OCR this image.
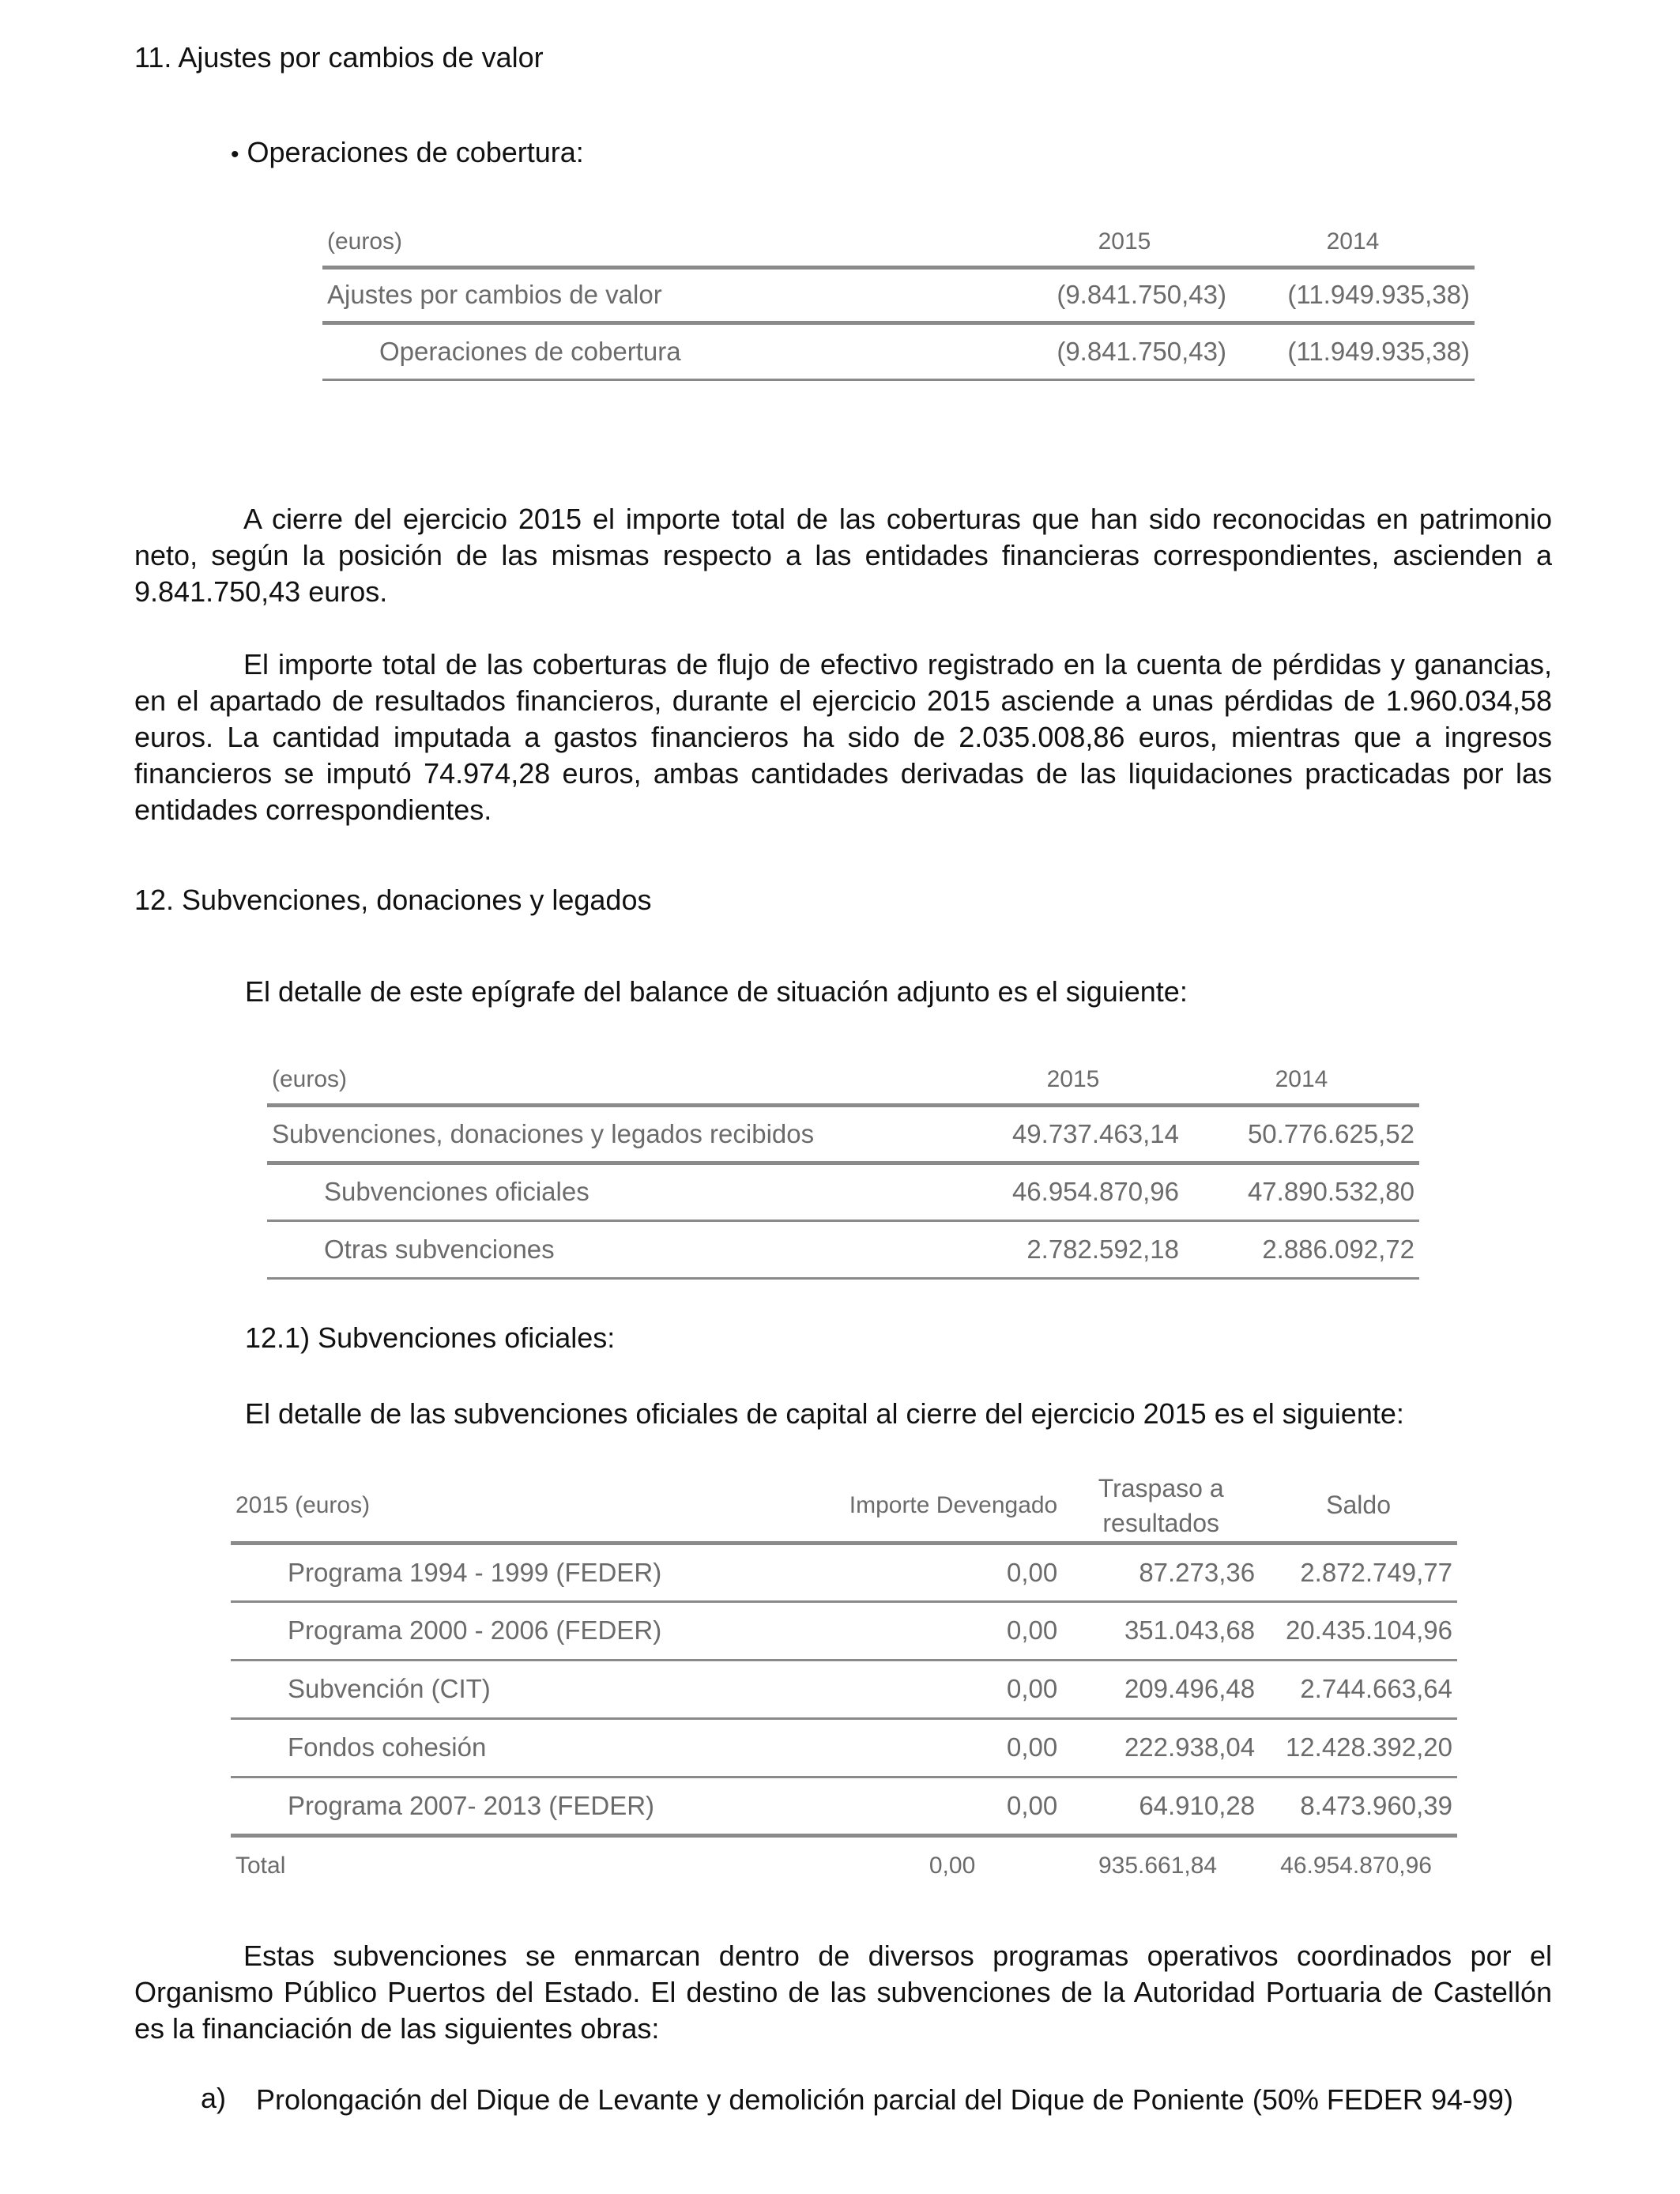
11. Ajustes por cambios de valor
• Operaciones de cobertura:
(euros)	2015	2014
Ajustes por cambios de valor	(9.841.750,43)	(11.949.935,38)
Operaciones de cobertura	(9.841.750,43)	(11.949.935,38)
A cierre del ejercicio 2015 el importe total de las coberturas que han sido reconocidas en patrimonio neto, según la posición de las mismas respecto a las entidades financieras correspondientes, ascienden a 9.841.750,43 euros.
El importe total de las coberturas de flujo de efectivo registrado en la cuenta de pérdidas y ganancias, en el apartado de resultados financieros, durante el ejercicio 2015 asciende a unas pérdidas de 1.960.034,58 euros. La cantidad imputada a gastos financieros ha sido de 2.035.008,86 euros, mientras que a ingresos financieros se imputó 74.974,28 euros, ambas cantidades derivadas de las liquidaciones practicadas por las entidades correspondientes.
12. Subvenciones, donaciones y legados
El detalle de este epígrafe del balance de situación adjunto es el siguiente:
(euros)	2015	2014
Subvenciones, donaciones y legados recibidos	49.737.463,14	50.776.625,52
Subvenciones oficiales	46.954.870,96	47.890.532,80
Otras subvenciones	2.782.592,18	2.886.092,72
12.1) Subvenciones oficiales:
El detalle de las subvenciones oficiales de capital al cierre del ejercicio 2015 es el siguiente:
2015 (euros)	Importe Devengado	Traspaso a resultados	Saldo
Programa 1994 - 1999 (FEDER)	0,00	87.273,36	2.872.749,77
Programa 2000 - 2006 (FEDER)	0,00	351.043,68	20.435.104,96
Subvención (CIT)	0,00	209.496,48	2.744.663,64
Fondos cohesión	0,00	222.938,04	12.428.392,20
Programa 2007- 2013 (FEDER)	0,00	64.910,28	8.473.960,39
Total	0,00	935.661,84	46.954.870,96
Estas subvenciones se enmarcan dentro de diversos programas operativos coordinados por el Organismo Público Puertos del Estado. El destino de las subvenciones de la Autoridad Portuaria de Castellón es la financiación de las siguientes obras:
a) Prolongación del Dique de Levante y demolición parcial del Dique de Poniente (50% FEDER 94-99)
